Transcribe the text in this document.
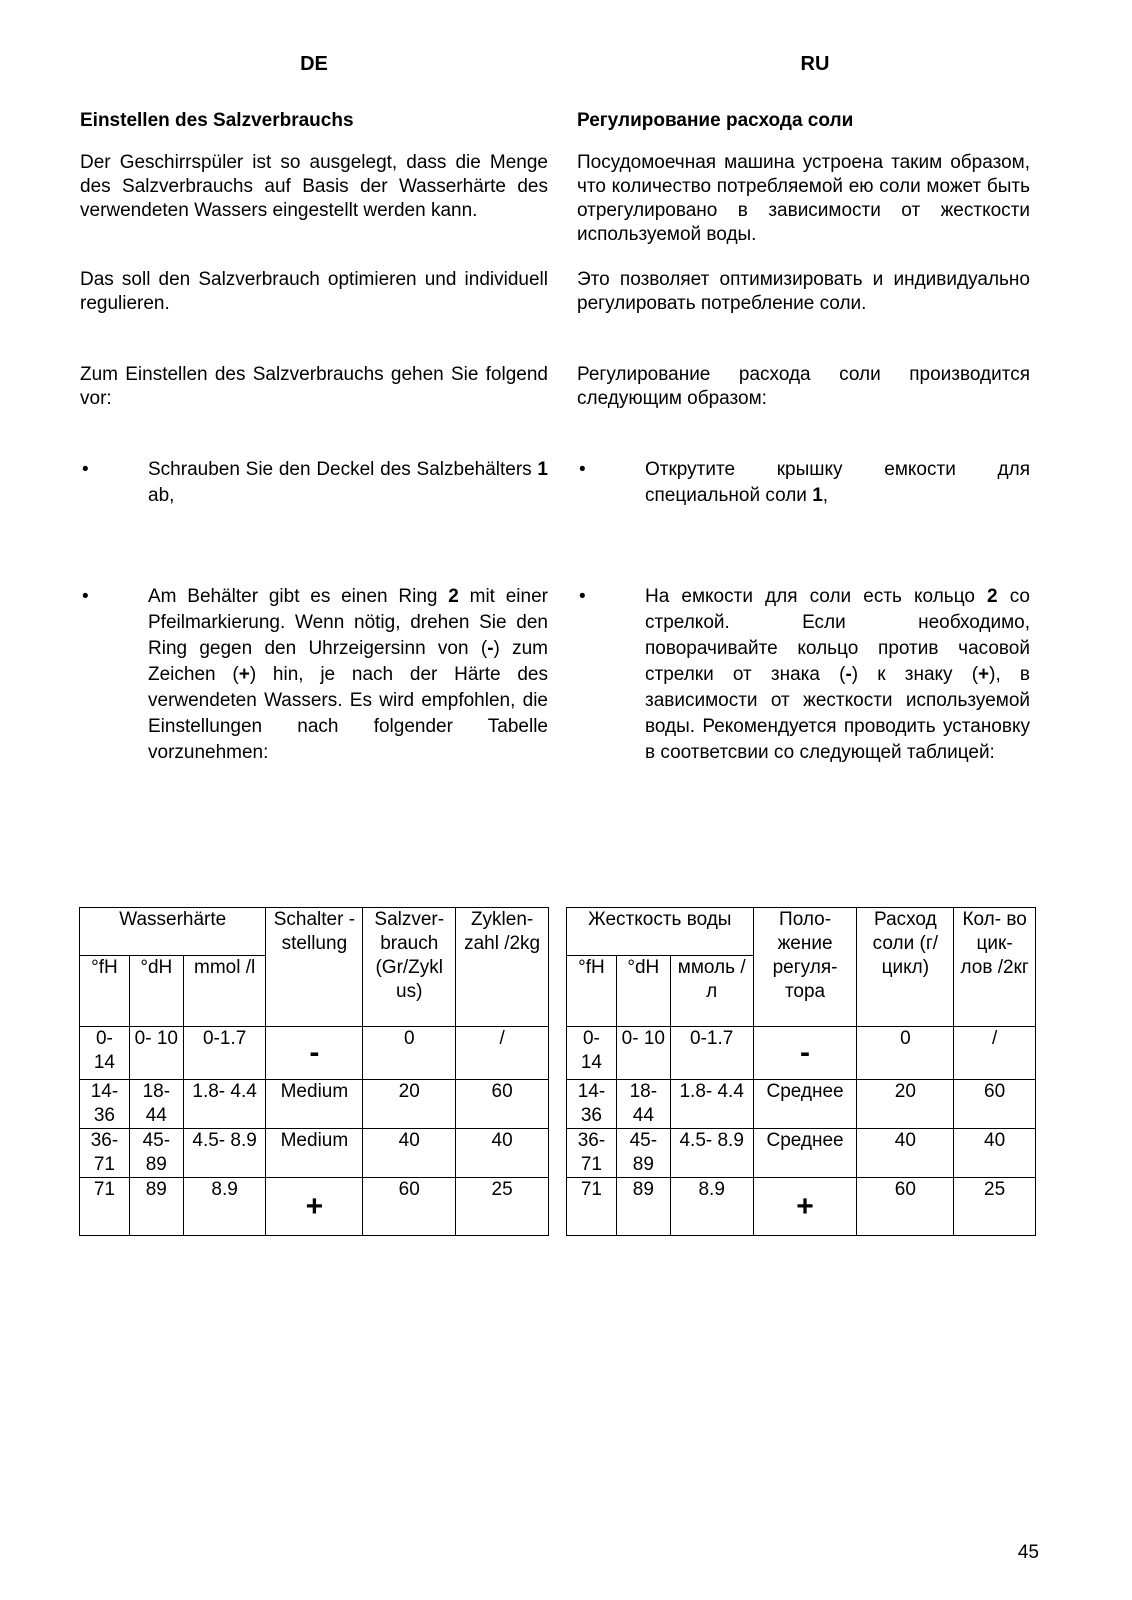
DE

Einstellen des Salzverbrauchs

Der Geschirrspüler ist so ausgelegt, dass die Menge des Salzverbrauchs auf Basis der Wasserhärte des verwendeten Wassers eingestellt werden kann.

Das soll den Salzverbrauch optimieren und individuell regulieren.

Zum Einstellen des Salzverbrauchs gehen Sie folgend vor:

•	Schrauben Sie den Deckel des Salzbehälters 1 ab,

•	Am Behälter gibt es einen Ring 2 mit einer Pfeilmarkierung. Wenn nötig, drehen Sie den Ring gegen den Uhrzeigersinn von (-) zum Zeichen (+) hin, je nach der Härte des verwendeten Wassers. Es wird empfohlen, die Einstellungen nach folgender Tabelle vorzunehmen:

RU

Регулирование расхода соли

Посудомоечная машина устроена таким образом, что количество потребляемой ею соли может быть отрегулировано в зависимости от жесткости используемой воды.

Это позволяет оптимизировать и индивидуально регулировать потребление соли.

Регулирование расхода соли производится следующим образом:

•	Открутите крышку емкости для специальной соли 1,

•	На емкости для соли есть кольцо 2 со стрелкой. Если необходимо, поворачивайте кольцо против часовой стрелки от знака (-) к знаку (+), в зависимости от жесткости используемой воды. Рекомендуется проводить установку в соответсвии со следующей таблицей:

Wasserhärte			Schalter -stellung	Salzver- brauch (Gr/Zykl us)	Zyklen- zahl /2kg
°fH	°dH	mmol /l			
0- 14	0- 10	0-1.7	-	0	/
14- 36	18- 44	1.8- 4.4	Medium	20	60
36- 71	45- 89	4.5- 8.9	Medium	40	40
71	89	8.9	+	60	25
Жесткость воды			Поло- жение регуля- тора	Расход соли (г/цикл)	Кол- во цик- лов /2кг
°fH	°dH	ммоль /л			
0- 14	0- 10	0-1.7	-	0	/
14- 36	18- 44	1.8- 4.4	Среднее	20	60
36- 71	45- 89	4.5- 8.9	Среднее	40	40
71	89	8.9	+	60	25
45
